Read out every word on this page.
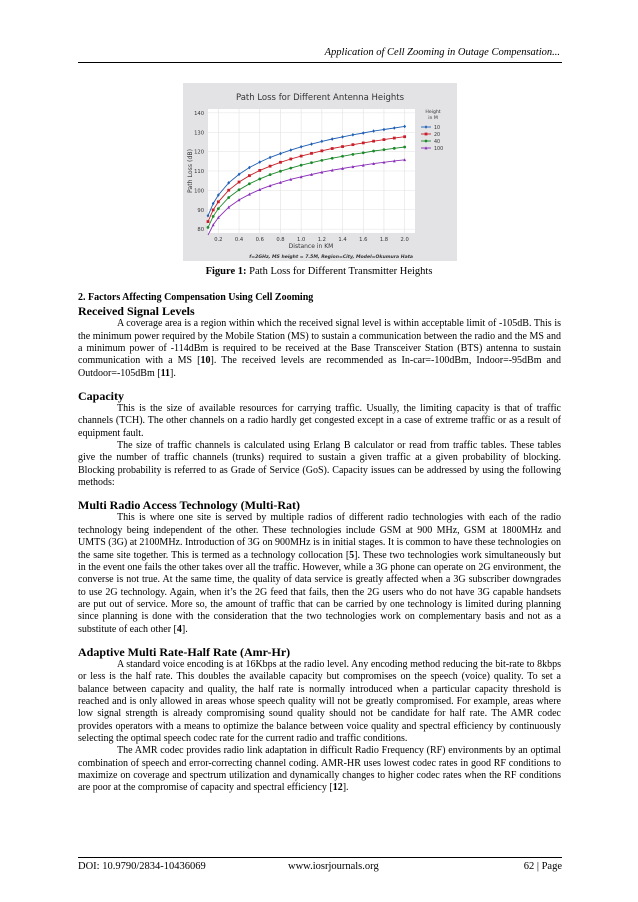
Application of Cell Zooming in Outage Compensation...
Path Loss for Different Antenna Heights
80
90
100
110
120
130
140
0.2 0.4 0.6 0.8 1.0 1.2 1.4 1.6 1.8 2.0
Distance in KM
Path Loss (dB)
Height
in M
10
20
40
100
f=2GHz, MS height = 7.5M, Region=City, Model=Okumura Hata
Figure 1: Path Loss for Different Transmitter Heights
2. Factors Affecting Compensation Using Cell Zooming
Received Signal Levels

A coverage area is a region within which the received signal level is within acceptable limit of -105dB. This is the minimum power required by the Mobile Station (MS) to sustain a communication between the radio and the MS and a minimum power of -114dBm is required to be received at the Base Transceiver Station (BTS) antenna to sustain communication with a MS [10]. The received levels are recommended as In-car=-100dBm, Indoor=-95dBm and Outdoor=-105dBm [11].

Capacity

This is the size of available resources for carrying traffic. Usually, the limiting capacity is that of traffic channels (TCH). The other channels on a radio hardly get congested except in a case of extreme traffic or as a result of equipment fault.

The size of traffic channels is calculated using Erlang B calculator or read from traffic tables. These tables give the number of traffic channels (trunks) required to sustain a given traffic at a given probability of blocking. Blocking probability is referred to as Grade of Service (GoS). Capacity issues can be addressed by using the following methods:

Multi Radio Access Technology (Multi-Rat)

This is where one site is served by multiple radios of different radio technologies with each of the radio technology being independent of the other. These technologies include GSM at 900 MHz, GSM at 1800MHz and UMTS (3G) at 2100MHz. Introduction of 3G on 900MHz is in initial stages. It is common to have these technologies on the same site together. This is termed as a technology collocation [5]. These two technologies work simultaneously but in the event one fails the other takes over all the traffic. However, while a 3G phone can operate on 2G environment, the converse is not true. At the same time, the quality of data service is greatly affected when a 3G subscriber downgrades to use 2G technology. Again, when it’s the 2G feed that fails, then the 2G users who do not have 3G capable handsets are put out of service. More so, the amount of traffic that can be carried by one technology is limited during planning since planning is done with the consideration that the two technologies work on complementary basis and not as a substitute of each other [4].

Adaptive Multi Rate-Half Rate (Amr-Hr)

A standard voice encoding is at 16Kbps at the radio level. Any encoding method reducing the bit-rate to 8kbps or less is the half rate. This doubles the available capacity but compromises on the speech (voice) quality. To set a balance between capacity and quality, the half rate is normally introduced when a particular capacity threshold is reached and is only allowed in areas whose speech quality will not be greatly compromised. For example, areas where low signal strength is already compromising sound quality should not be candidate for half rate. The AMR codec provides operators with a means to optimize the balance between voice quality and spectral efficiency by continuously selecting the optimal speech codec rate for the current radio and traffic conditions.

The AMR codec provides radio link adaptation in difficult Radio Frequency (RF) environments by an optimal combination of speech and error-correcting channel coding. AMR-HR uses lowest codec rates in good RF conditions to maximize on coverage and spectrum utilization and dynamically changes to higher codec rates when the RF conditions are poor at the compromise of capacity and spectral efficiency [12].

DOI: 10.9790/2834-10436069	www.iosrjournals.org	62 | Page
